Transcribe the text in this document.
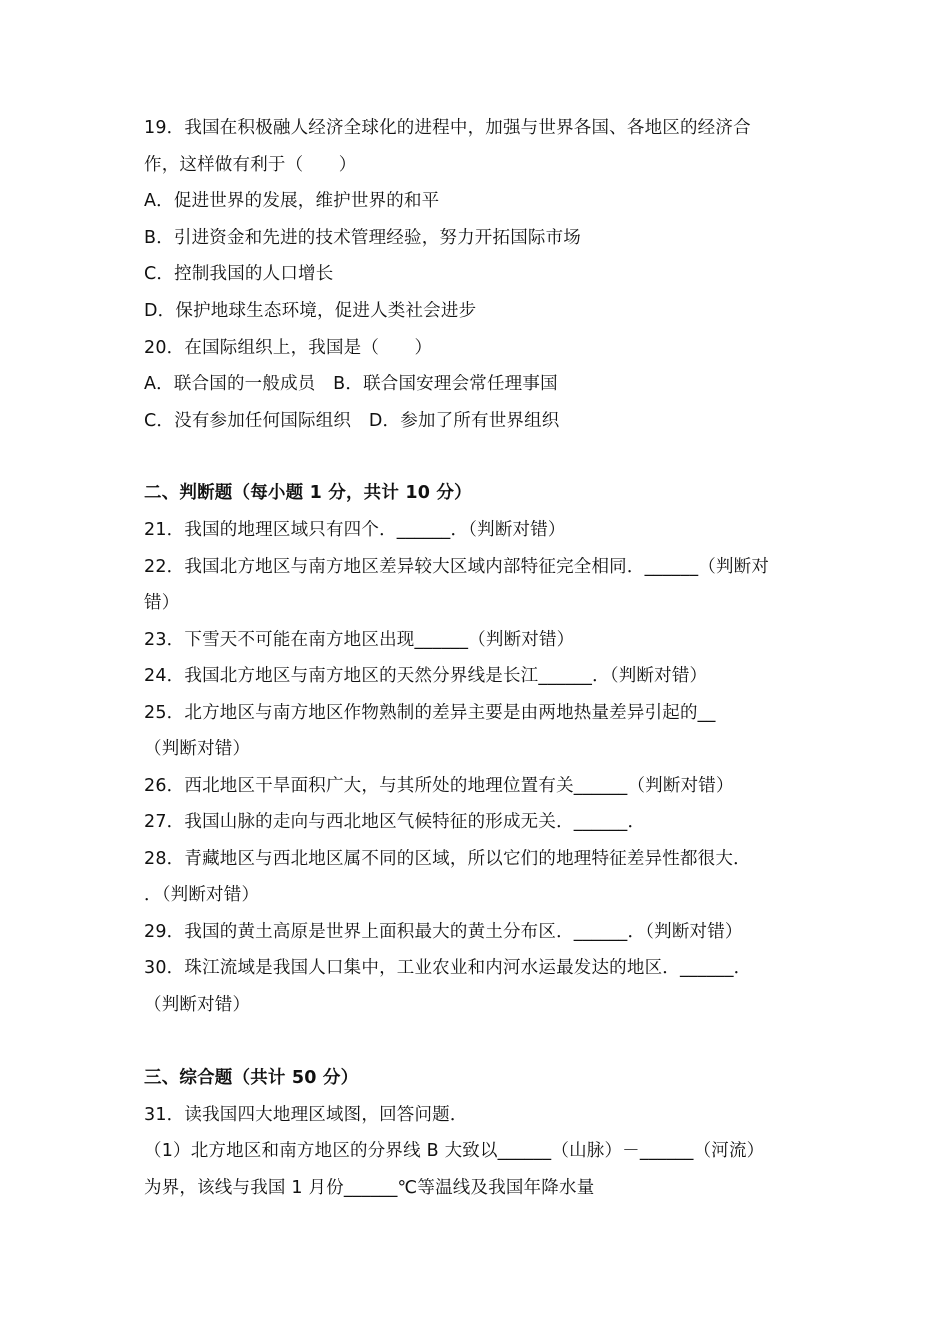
19．我国在积极融人经济全球化的进程中，加强与世界各国、各地区的经济合
作，这样做有利于（　　）
A．促进世界的发展，维护世界的和平
B．引进资金和先进的技术管理经验，努力开拓国际市场
C．控制我国的人口增长
D．保护地球生态环境，促进人类社会进步
20．在国际组织上，我国是（　　）
A．联合国的一般成员　B．联合国安理会常任理事国
C．没有参加任何国际组织　D．参加了所有世界组织
二、判断题（每小题 1 分，共计 10 分）
21．我国的地理区域只有四个．______．（判断对错）
22．我国北方地区与南方地区差异较大区域内部特征完全相同．______（判断对
错）
23．下雪天不可能在南方地区出现______（判断对错）
24．我国北方地区与南方地区的天然分界线是长江______．（判断对错）
25．北方地区与南方地区作物熟制的差异主要是由两地热量差异引起的__
（判断对错）
26．西北地区干旱面积广大，与其所处的地理位置有关______（判断对错）
27．我国山脉的走向与西北地区气候特征的形成无关．______．
28．青藏地区与西北地区属不同的区域，所以它们的地理特征差异性都很大．
．（判断对错）
29．我国的黄土高原是世界上面积最大的黄土分布区．______．（判断对错）
30．珠江流域是我国人口集中，工业农业和内河水运最发达的地区．______．
（判断对错）
三、综合题（共计 50 分）
31．读我国四大地理区域图，回答问题．
（1）北方地区和南方地区的分界线 B 大致以______（山脉）－______（河流）
为界，该线与我国 1 月份______℃等温线及我国年降水量
